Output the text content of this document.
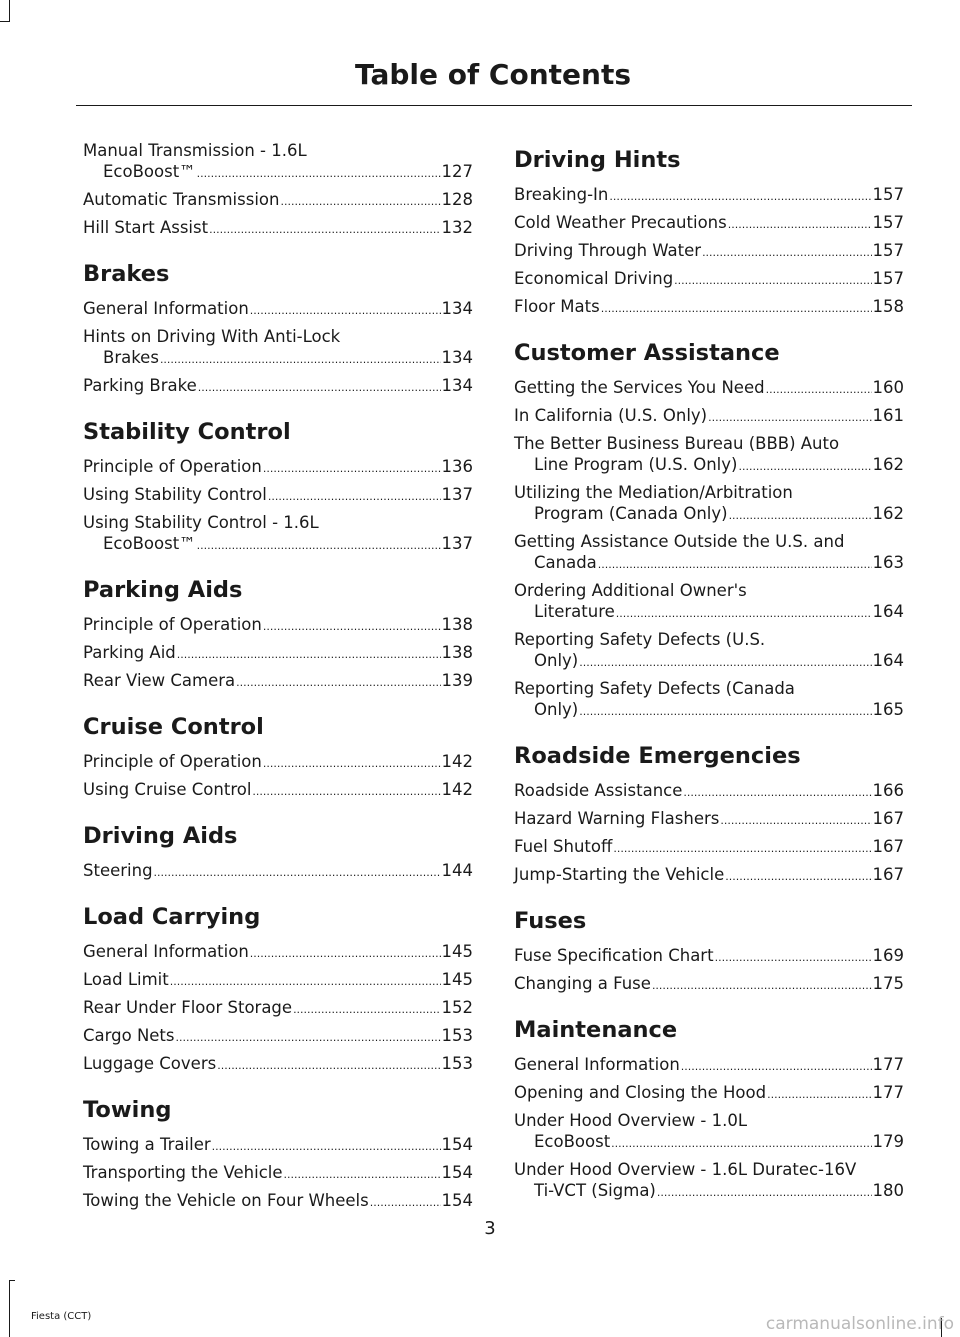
Table of Contents
Manual Transmission - 1.6L
EcoBoost™ .....	127
Automatic Transmission .....	128
Hill Start Assist .....	132
Brakes
General Information .....	134
Hints on Driving With Anti-Lock
Brakes .....	134
Parking Brake .....	134
Stability Control
Principle of Operation .....	136
Using Stability Control .....	137
Using Stability Control - 1.6L
EcoBoost™ .....	137
Parking Aids
Principle of Operation .....	138
Parking Aid .....	138
Rear View Camera .....	139
Cruise Control
Principle of Operation .....	142
Using Cruise Control .....	142
Driving Aids
Steering .....	144
Load Carrying
General Information .....	145
Load Limit .....	145
Rear Under Floor Storage .....	152
Cargo Nets .....	153
Luggage Covers .....	153
Towing
Towing a Trailer .....	154
Transporting the Vehicle .....	154
Towing the Vehicle on Four Wheels .....	154
Driving Hints
Breaking-In .....	157
Cold Weather Precautions .....	157
Driving Through Water .....	157
Economical Driving .....	157
Floor Mats .....	158
Customer Assistance
Getting the Services You Need .....	160
In California (U.S. Only) .....	161
The Better Business Bureau (BBB) Auto
Line Program (U.S. Only) .....	162
Utilizing the Mediation/Arbitration
Program (Canada Only) .....	162
Getting Assistance Outside the U.S. and
Canada .....	163
Ordering Additional Owner's
Literature .....	164
Reporting Safety Defects (U.S.
Only) .....	164
Reporting Safety Defects (Canada
Only) .....	165
Roadside Emergencies
Roadside Assistance .....	166
Hazard Warning Flashers .....	167
Fuel Shutoff .....	167
Jump-Starting the Vehicle .....	167
Fuses
Fuse Specification Chart .....	169
Changing a Fuse .....	175
Maintenance
General Information .....	177
Opening and Closing the Hood .....	177
Under Hood Overview - 1.0L
EcoBoost .....	179
Under Hood Overview - 1.6L Duratec-16V
Ti-VCT (Sigma) .....	180
3
Fiesta (CCT)	carmanualsonline.info
